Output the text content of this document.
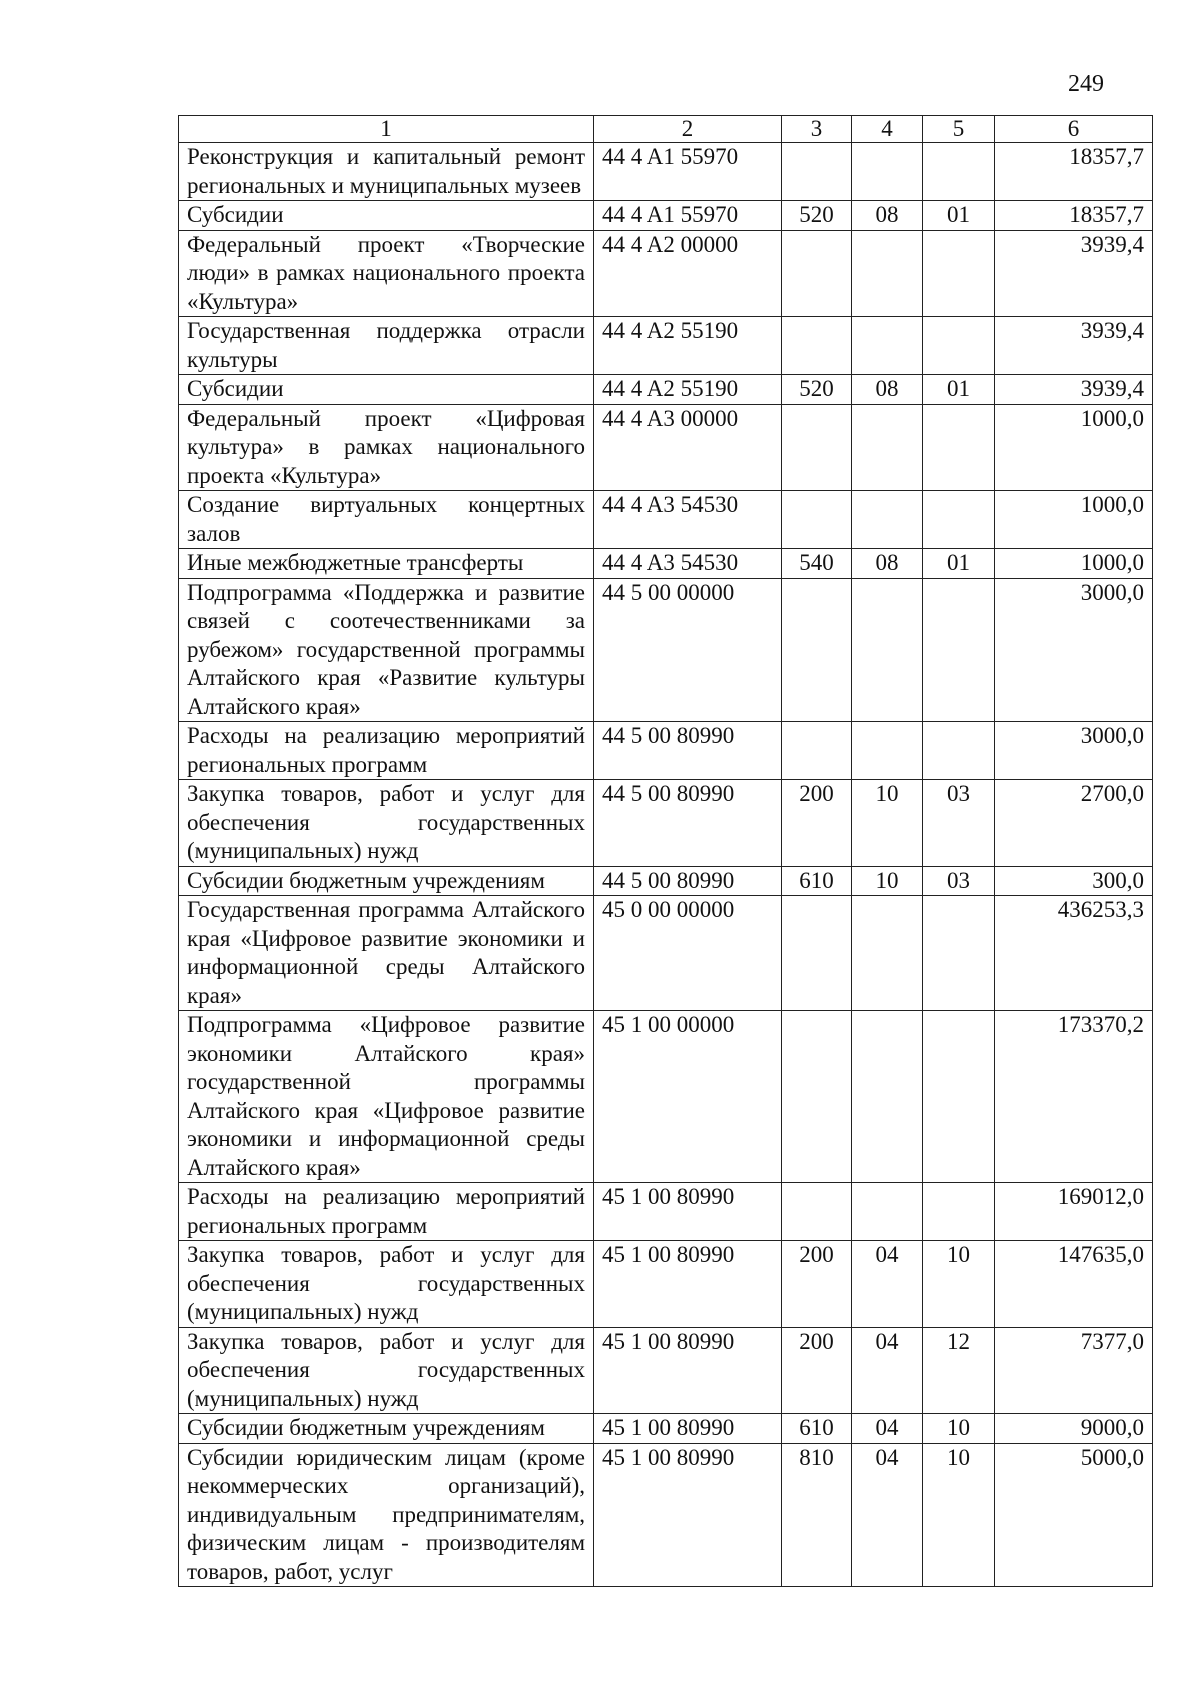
249
1	2	3	4	5	6
Реконструкция и капитальный ремонт региональных и муниципальных музеев	44 4 A1 55970				18357,7
Субсидии	44 4 A1 55970	520	08	01	18357,7
Федеральный проект «Творческие люди» в рамках национального проекта «Культура»	44 4 A2 00000				3939,4
Государственная поддержка отрасли культуры	44 4 A2 55190				3939,4
Субсидии	44 4 A2 55190	520	08	01	3939,4
Федеральный проект «Цифровая культура» в рамках национального проекта «Культура»	44 4 A3 00000				1000,0
Создание виртуальных концертных залов	44 4 A3 54530				1000,0
Иные межбюджетные трансферты	44 4 A3 54530	540	08	01	1000,0
Подпрограмма «Поддержка и развитие связей с соотечественниками за рубежом» государственной программы Алтайского края «Развитие культуры Алтайского края»	44 5 00 00000				3000,0
Расходы на реализацию мероприятий региональных программ	44 5 00 80990				3000,0
Закупка товаров, работ и услуг для обеспечения государственных (муниципальных) нужд	44 5 00 80990	200	10	03	2700,0
Субсидии бюджетным учреждениям	44 5 00 80990	610	10	03	300,0
Государственная программа Алтайского края «Цифровое развитие экономики и информационной среды Алтайского края»	45 0 00 00000				436253,3
Подпрограмма «Цифровое развитие экономики Алтайского края» государственной программы Алтайского края «Цифровое развитие экономики и информационной среды Алтайского края»	45 1 00 00000				173370,2
Расходы на реализацию мероприятий региональных программ	45 1 00 80990				169012,0
Закупка товаров, работ и услуг для обеспечения государственных (муниципальных) нужд	45 1 00 80990	200	04	10	147635,0
Закупка товаров, работ и услуг для обеспечения государственных (муниципальных) нужд	45 1 00 80990	200	04	12	7377,0
Субсидии бюджетным учреждениям	45 1 00 80990	610	04	10	9000,0
Субсидии юридическим лицам (кроме некоммерческих организаций), индивидуальным предпринимателям, физическим лицам - производителям товаров, работ, услуг	45 1 00 80990	810	04	10	5000,0
